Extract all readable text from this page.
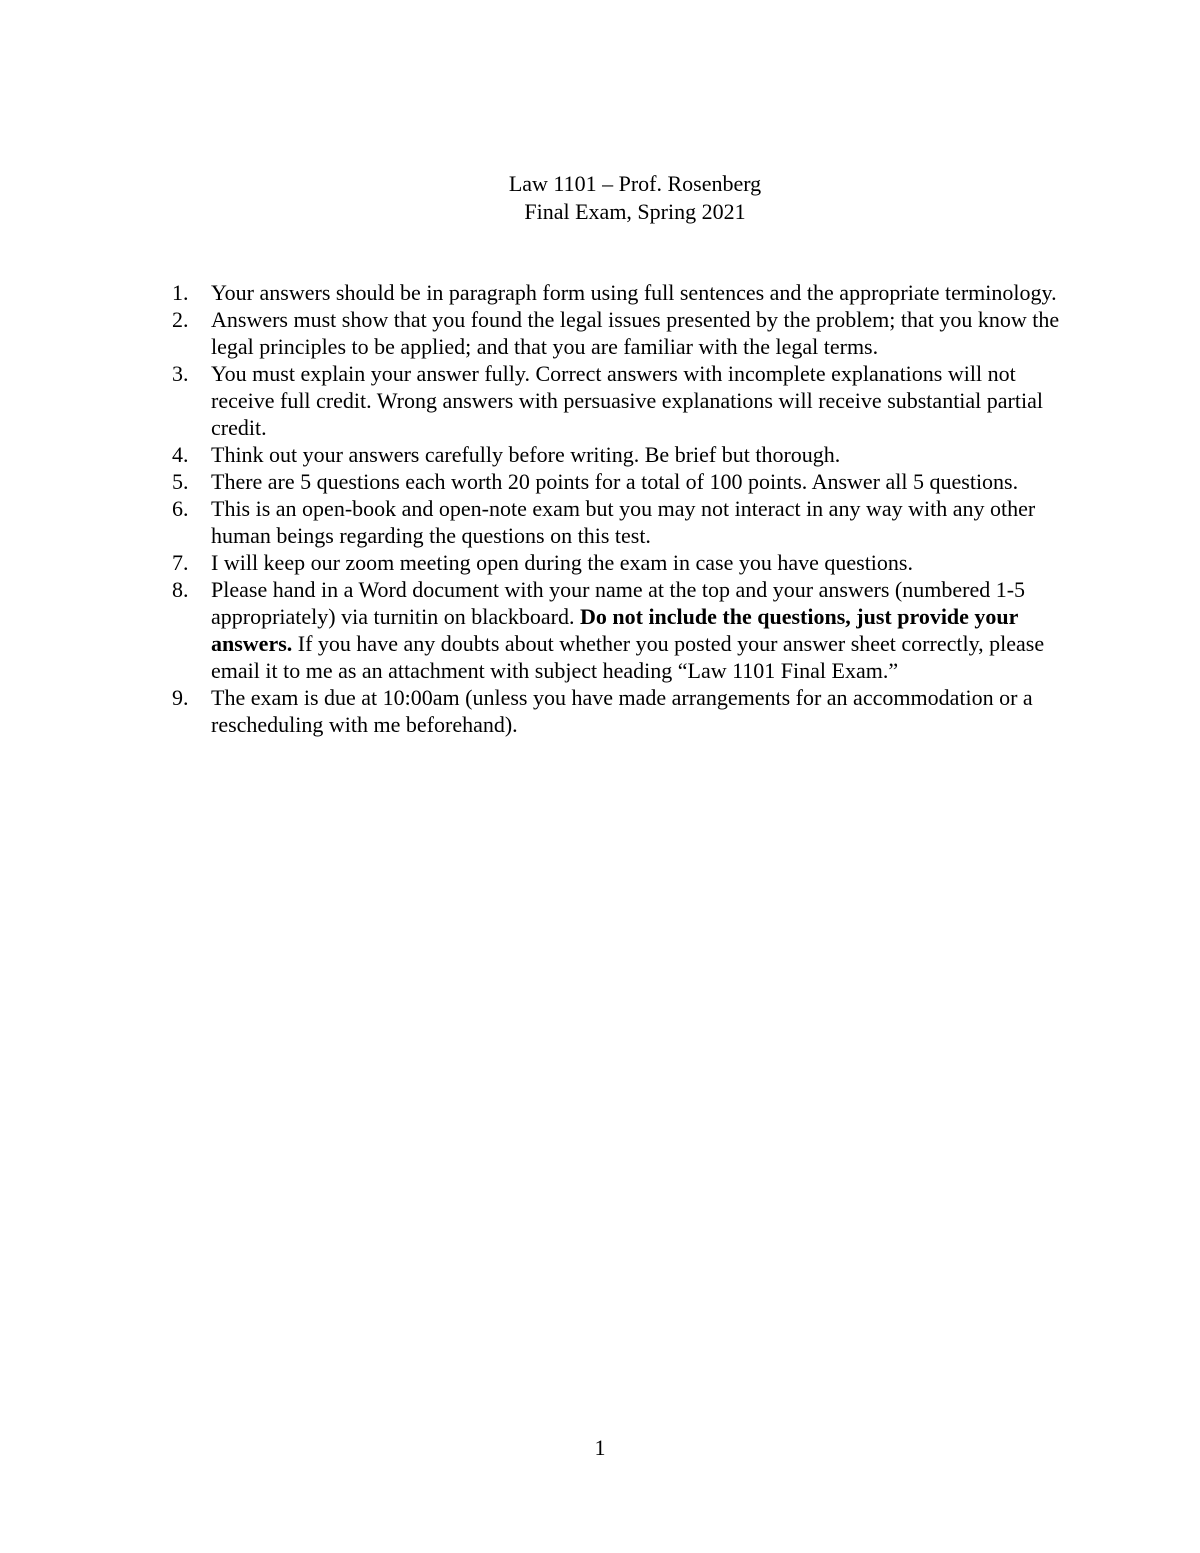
Law 1101 – Prof. Rosenberg
Final Exam, Spring 2021
1. Your answers should be in paragraph form using full sentences and the appropriate terminology.
2. Answers must show that you found the legal issues presented by the problem; that you know the legal principles to be applied; and that you are familiar with the legal terms.
3. You must explain your answer fully. Correct answers with incomplete explanations will not receive full credit. Wrong answers with persuasive explanations will receive substantial partial credit.
4. Think out your answers carefully before writing. Be brief but thorough.
5. There are 5 questions each worth 20 points for a total of 100 points. Answer all 5 questions.
6. This is an open-book and open-note exam but you may not interact in any way with any other human beings regarding the questions on this test.
7. I will keep our zoom meeting open during the exam in case you have questions.
8. Please hand in a Word document with your name at the top and your answers (numbered 1-5 appropriately) via turnitin on blackboard. Do not include the questions, just provide your answers. If you have any doubts about whether you posted your answer sheet correctly, please email it to me as an attachment with subject heading “Law 1101 Final Exam.”
9. The exam is due at 10:00am (unless you have made arrangements for an accommodation or a rescheduling with me beforehand).
1
